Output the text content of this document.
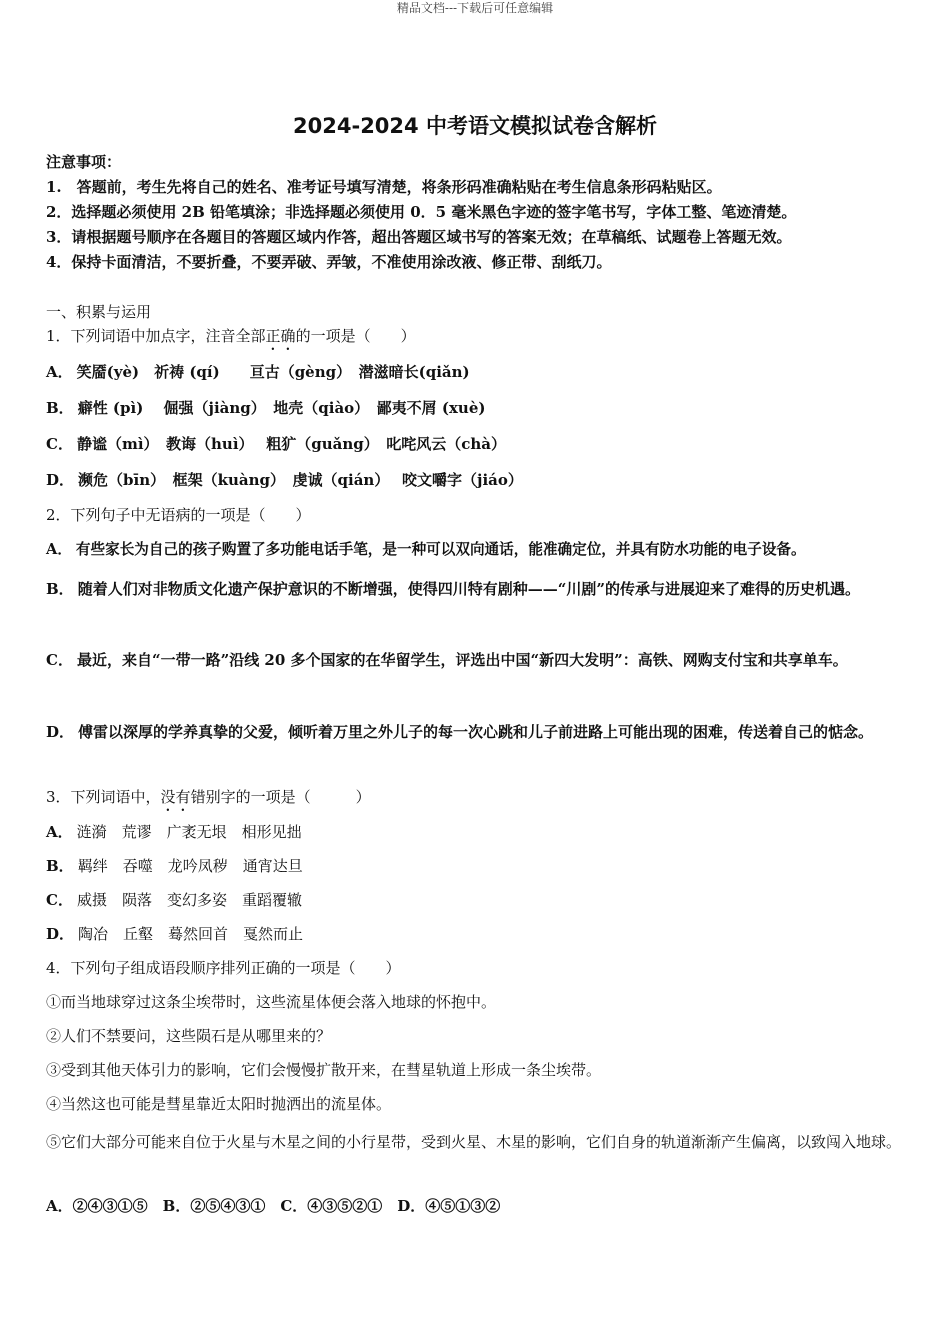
精品文档---下载后可任意编辑
2024-2024 中考语文模拟试卷含解析
注意事项：
1.　答题前，考生先将自己的姓名、准考证号填写清楚，将条形码准确粘贴在考生信息条形码粘贴区。
2．选择题必须使用 2B 铅笔填涂；非选择题必须使用 0．5 毫米黑色字迹的签字笔书写，字体工整、笔迹清楚。
3．请根据题号顺序在各题目的答题区域内作答，超出答题区域书写的答案无效；在草稿纸、试题卷上答题无效。
4．保持卡面清洁，不要折叠，不要弄破、弄皱，不准使用涂改液、修正带、刮纸刀。
一、积累与运用
1．下列词语中加点字，注音全部正确的一项是（　　）
A． 笑靥(yè)　祈祷 (qí)　　亘古（gèng）　潜滋暗长(qiǎn)
B． 癖性 (pì)　 倔强（jiàng）　地壳（qiào）　鄙夷不屑 (xuè)
C． 静谧（mì）　教诲（huì）　 粗犷（guǎng）　叱咤风云（chà）
D． 濒危（bīn）　框架（kuàng）　虔诚（qián）　 咬文嚼字（jiáo）
2．下列句子中无语病的一项是（　　）
A． 有些家长为自己的孩子购置了多功能电话手笔，是一种可以双向通话，能准确定位，并具有防水功能的电子设备。
B． 随着人们对非物质文化遗产保护意识的不断增强，使得四川特有剧种——“川剧”的传承与进展迎来了难得的历史机遇。
C． 最近，来自“一带一路”沿线 20 多个国家的在华留学生，评选出中国“新四大发明”：高铁、网购支付宝和共享单车。
D． 傅雷以深厚的学养真挚的父爱，倾听着万里之外儿子的每一次心跳和儿子前进路上可能出现的困难，传送着自己的惦念。
3．下列词语中，没有错别字的一项是（　　　）
A． 涟漪　荒谬　广袤无垠　相形见拙
B． 羁绊　吞噬　龙吟凤秽　通宵达旦
C． 威摄　陨落　变幻多姿　重蹈覆辙
D． 陶冶　丘壑　蓦然回首　戛然而止
4．下列句子组成语段顺序排列正确的一项是（　　）
①而当地球穿过这条尘埃带时，这些流星体便会落入地球的怀抱中。
②人们不禁要问，这些陨石是从哪里来的？
③受到其他天体引力的影响，它们会慢慢扩散开来，在彗星轨道上形成一条尘埃带。
④当然这也可能是彗星靠近太阳时抛洒出的流星体。
⑤它们大部分可能来自位于火星与木星之间的小行星带，受到火星、木星的影响，它们自身的轨道渐渐产生偏离，以致闯入地球。
A．②④③①⑤　B．②⑤④③①　C．④③⑤②①　D．④⑤①③②
